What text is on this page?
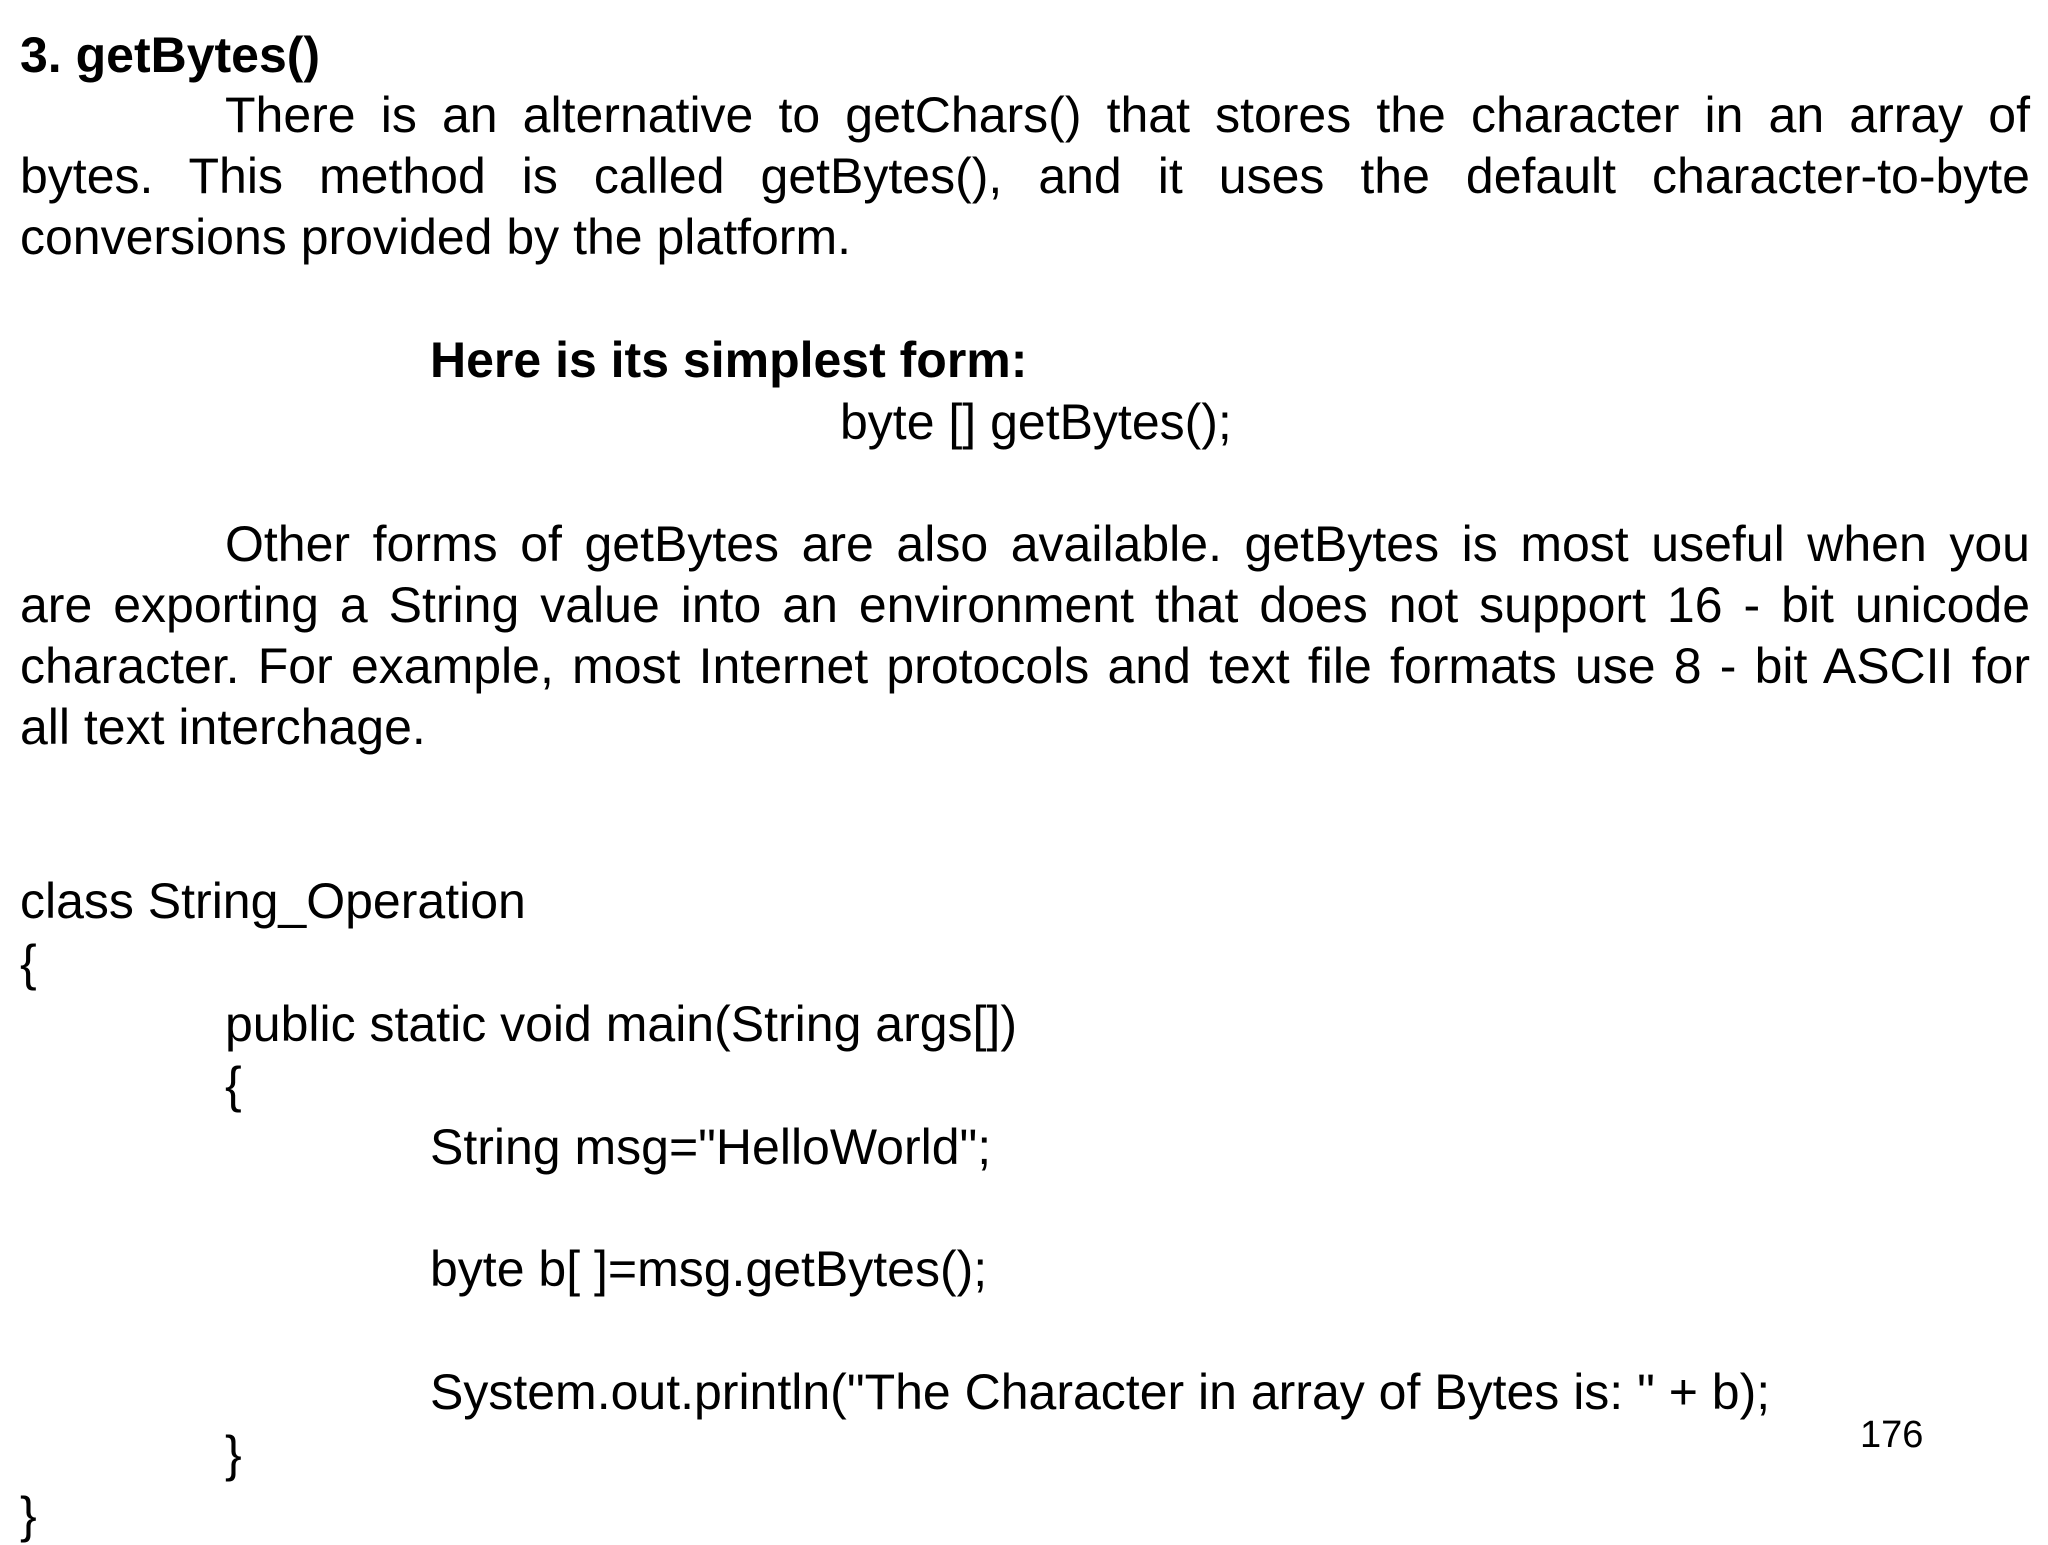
3. getBytes()
There is an alternative to getChars() that stores the character in an array of
bytes. This method is called getBytes(), and it uses the default character-to-byte
conversions provided by the platform.
Here is its simplest form:
byte [] getBytes();
Other forms of getBytes are also available. getBytes is most useful when you
are exporting a String value into an environment that does not support 16 - bit unicode
character. For example, most Internet protocols and text file formats use 8 - bit ASCII for
all text interchage.
class String_Operation
{
public static void main(String args[])
{
String msg="HelloWorld";
byte b[ ]=msg.getBytes();
System.out.println("The Character in array of Bytes is: " + b);
}
}
176
